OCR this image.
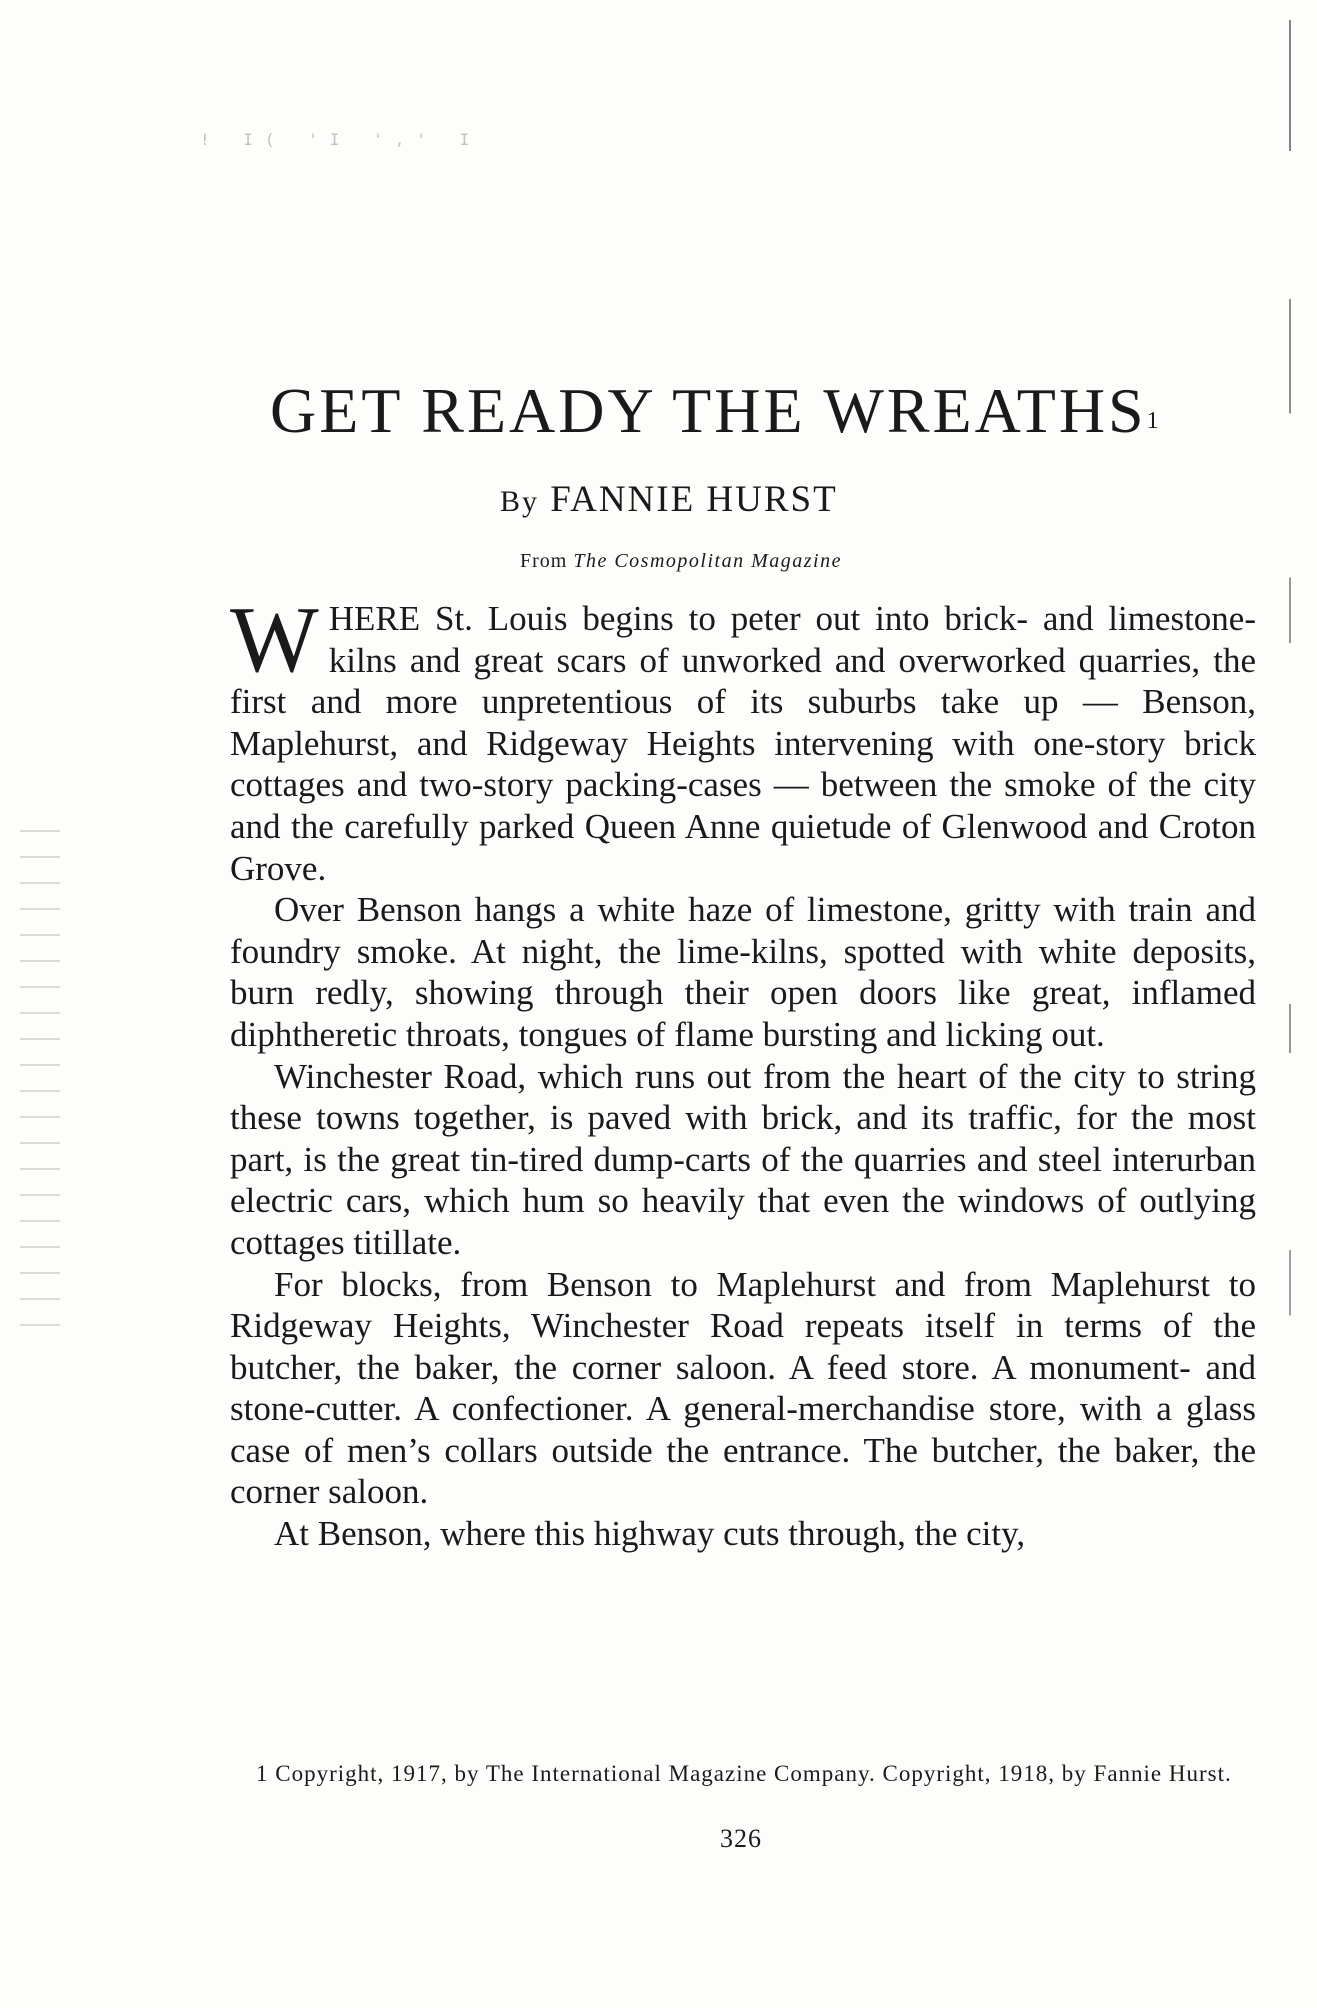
! I( 'I ',' I
GET READY THE WREATHS$^1$
By FANNIE HURST
From The Cosmopolitan Magazine

WHERE St. Louis begins to peter out into brick- and limestone-kilns and great scars of unworked and overworked quarries, the first and more unpretentious of its suburbs take up — Benson, Maplehurst, and Ridgeway Heights intervening with one-story brick cottages and two-story packing-cases — between the smoke of the city and the carefully parked Queen Anne quietude of Glenwood and Croton Grove.

Over Benson hangs a white haze of limestone, gritty with train and foundry smoke. At night, the lime-kilns, spotted with white deposits, burn redly, showing through their open doors like great, inflamed diphtheretic throats, tongues of flame bursting and licking out.

Winchester Road, which runs out from the heart of the city to string these towns together, is paved with brick, and its traffic, for the most part, is the great tin-tired dump-carts of the quarries and steel interurban electric cars, which hum so heavily that even the windows of outlying cottages titillate.

For blocks, from Benson to Maplehurst and from Maplehurst to Ridgeway Heights, Winchester Road repeats itself in terms of the butcher, the baker, the corner saloon. A feed store. A monument- and stone-cutter. A confectioner. A general-merchandise store, with a glass case of men’s collars outside the entrance. The butcher, the baker, the corner saloon.

At Benson, where this highway cuts through, the city,

1 Copyright, 1917, by The International Magazine Company. Copyright, 1918, by Fannie Hurst.
326
